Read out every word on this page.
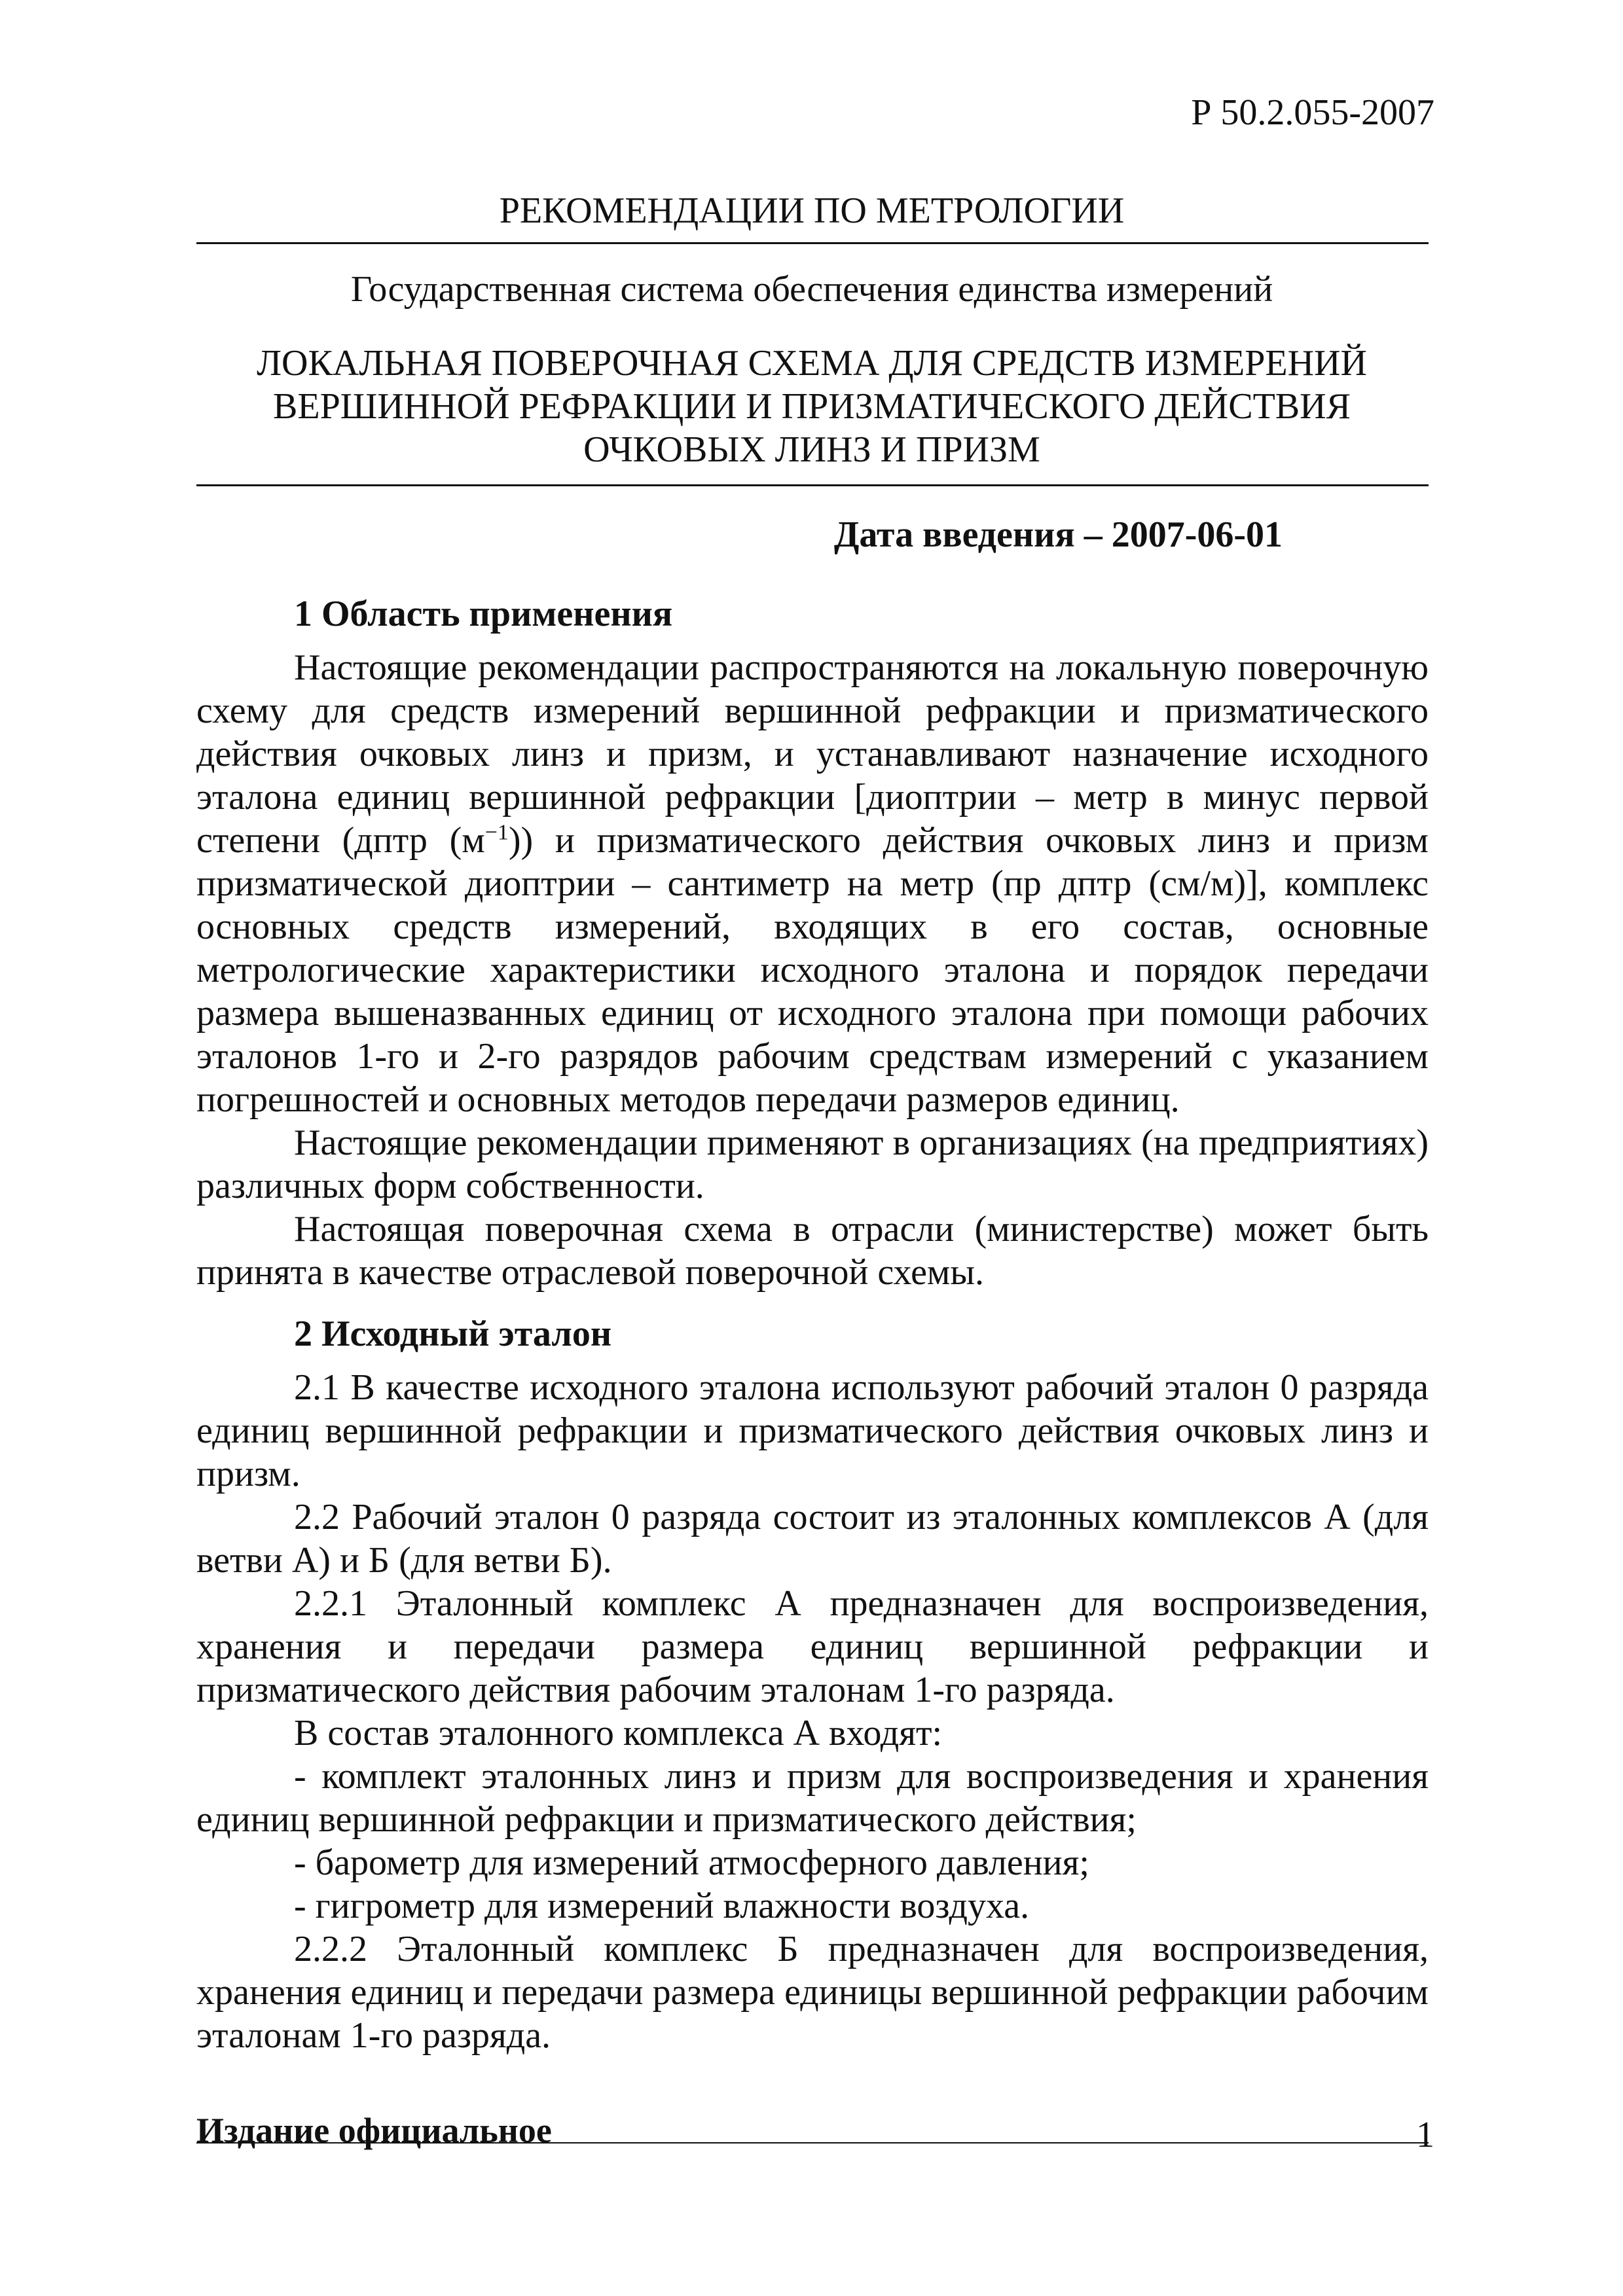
Р 50.2.055-2007
РЕКОМЕНДАЦИИ ПО МЕТРОЛОГИИ
Государственная система обеспечения единства измерений
ЛОКАЛЬНАЯ ПОВЕРОЧНАЯ СХЕМА ДЛЯ СРЕДСТВ ИЗМЕРЕНИЙ
ВЕРШИННОЙ РЕФРАКЦИИ И ПРИЗМАТИЧЕСКОГО ДЕЙСТВИЯ
ОЧКОВЫХ ЛИНЗ И ПРИЗМ
Дата введения – 2007-06-01
1 Область применения

Настоящие рекомендации распространяются на локальную поверочную схему для средств измерений вершинной рефракции и призматического действия очковых линз и призм, и устанавливают назначение исходного эталона единиц вершинной рефракции [диоптрии – метр в минус первой степени (дптр $(м^{-1})$) и призматического действия очковых линз и призм призматической диоптрии – сантиметр на метр (пр дптр (см/м)], комплекс основных средств измерений, входящих в его состав, основные метрологические характеристики исходного эталона и порядок передачи размера вышеназванных единиц от исходного эталона при помощи рабочих эталонов 1-го и 2-го разрядов рабочим средствам измерений с указанием погрешностей и основных методов передачи размеров единиц.

Настоящие рекомендации применяют в организациях (на предприятиях) различных форм собственности.

Настоящая поверочная схема в отрасли (министерстве) может быть принята в качестве отраслевой поверочной схемы.

2 Исходный эталон

2.1 В качестве исходного эталона используют рабочий эталон 0 разряда единиц вершинной рефракции и призматического действия очковых линз и призм.

2.2 Рабочий эталон 0 разряда состоит из эталонных комплексов А (для ветви А) и Б (для ветви Б).

2.2.1 Эталонный комплекс А предназначен для воспроизведения, хранения и передачи размера единиц вершинной рефракции и призматического действия рабочим эталонам 1-го разряда.

В состав эталонного комплекса А входят:

- комплект эталонных линз и призм для воспроизведения и хранения единиц вершинной рефракции и призматического действия;

- барометр для измерений атмосферного давления;

- гигрометр для измерений влажности воздуха.

2.2.2 Эталонный комплекс Б предназначен для воспроизведения, хранения единиц и передачи размера единицы вершинной рефракции рабочим эталонам 1-го разряда.

Издание официальное	1
